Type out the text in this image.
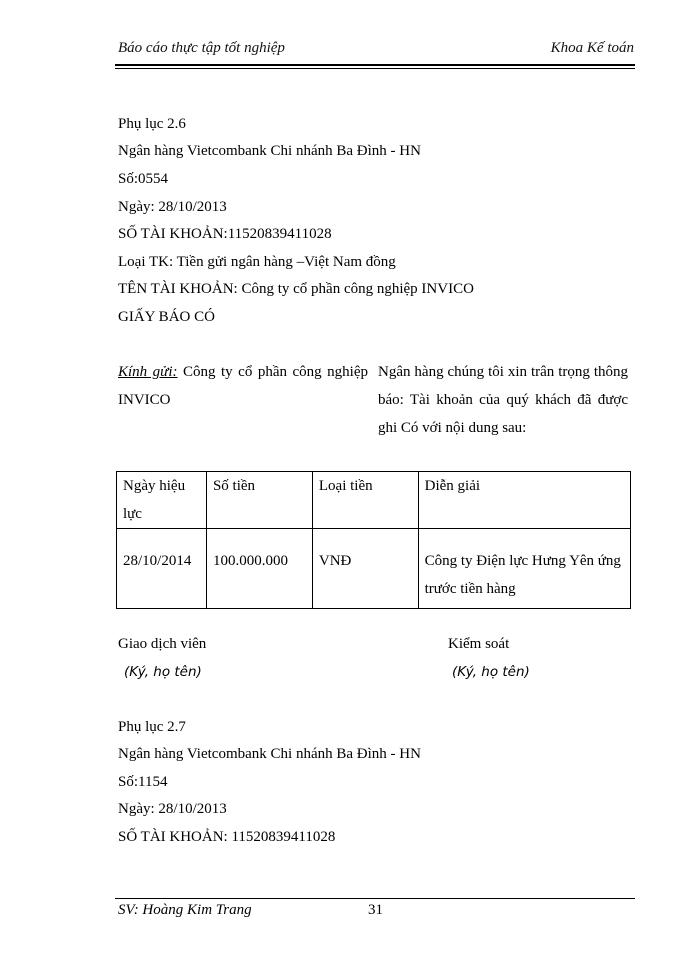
Báo cáo thực tập tốt nghiệp	Khoa Kế toán
Phụ lục 2.6
Ngân hàng Vietcombank Chi nhánh Ba Đình - HN
Số:0554
Ngày: 28/10/2013
SỐ TÀI KHOẢN:11520839411028
Loại TK: Tiền gửi ngân hàng –Việt Nam đồng
TÊN TÀI KHOẢN: Công ty cổ phần công nghiệp INVICO
GIẤY BÁO CÓ
Kính gửi: Công ty cổ phần công nghiệp INVICO
Ngân hàng chúng tôi xin trân trọng thông báo: Tài khoản của quý khách đã được ghi Có với nội dung sau:
Ngày hiệu lực	Số tiền	Loại tiền	Diễn giải
28/10/2014	100.000.000	VNĐ	Công ty Điện lực Hưng Yên ứng trước tiền hàng
Giao dịch viên
(Ký, họ tên)
Kiểm soát
(Ký, họ tên)
Phụ lục 2.7
Ngân hàng Vietcombank Chi nhánh Ba Đình - HN
Số:1154
Ngày: 28/10/2013
SỐ TÀI KHOẢN: 11520839411028
SV: Hoàng Kim Trang	31
